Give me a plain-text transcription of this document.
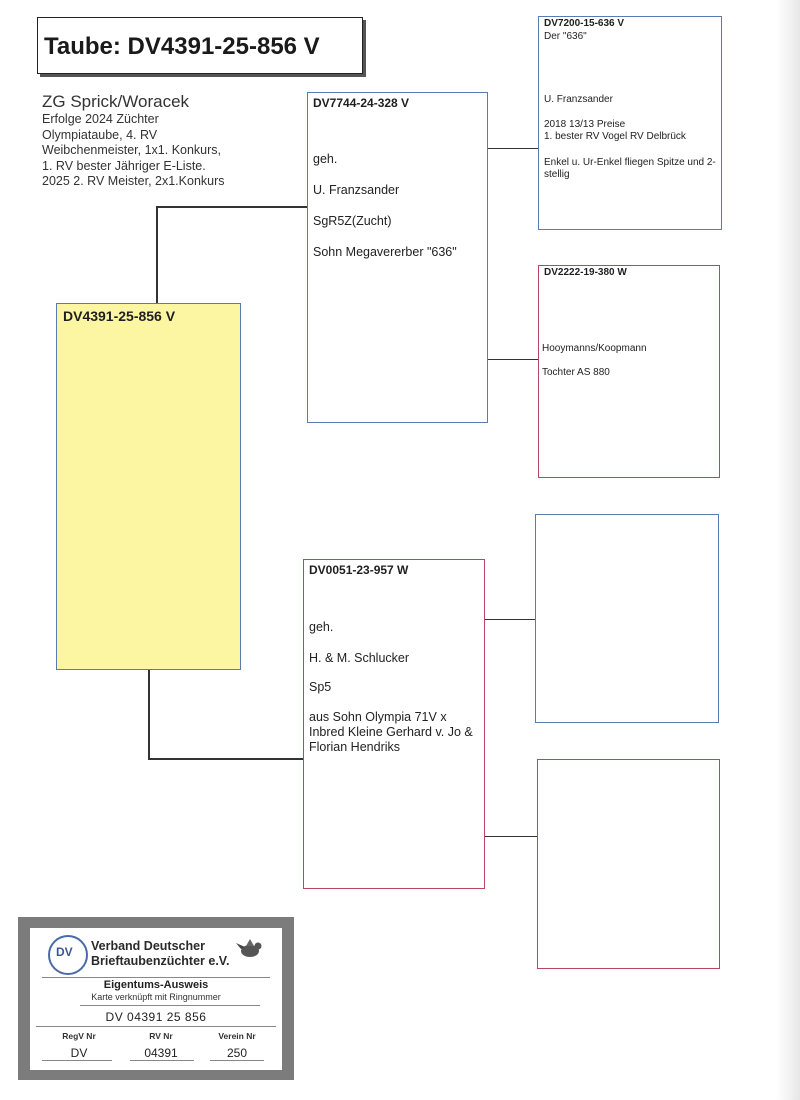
Taube: DV4391-25-856 V
ZG Sprick/Woracek
Erfolge 2024 Züchter
Olympiataube, 4. RV
Weibchenmeister, 1x1. Konkurs,
1. RV bester Jähriger E-Liste.
2025 2. RV Meister, 2x1.Konkurs
DV4391-25-856 V
DV7744-24-328 V
geh.
U. Franzsander
SgR5Z(Zucht)
Sohn Megavererber "636"
DV0051-23-957 W
geh.
H. & M. Schlucker
Sp5
aus Sohn Olympia 71V x Inbred Kleine Gerhard v. Jo & Florian Hendriks
DV7200-15-636 V
Der "636"
U. Franzsander
2018 13/13 Preise
1. bester RV Vogel RV Delbrück
Enkel u. Ur-Enkel fliegen Spitze und 2-stellig
DV2222-19-380 W
Hooymanns/Koopmann
Tochter AS 880
DV Verband Deutscher
Brieftaubenzüchter e.V.
Eigentums-Ausweis
Karte verknüpft mit Ringnummer
DV 04391 25 856
RegV Nr	RV Nr	Verein Nr
DV	04391	250
